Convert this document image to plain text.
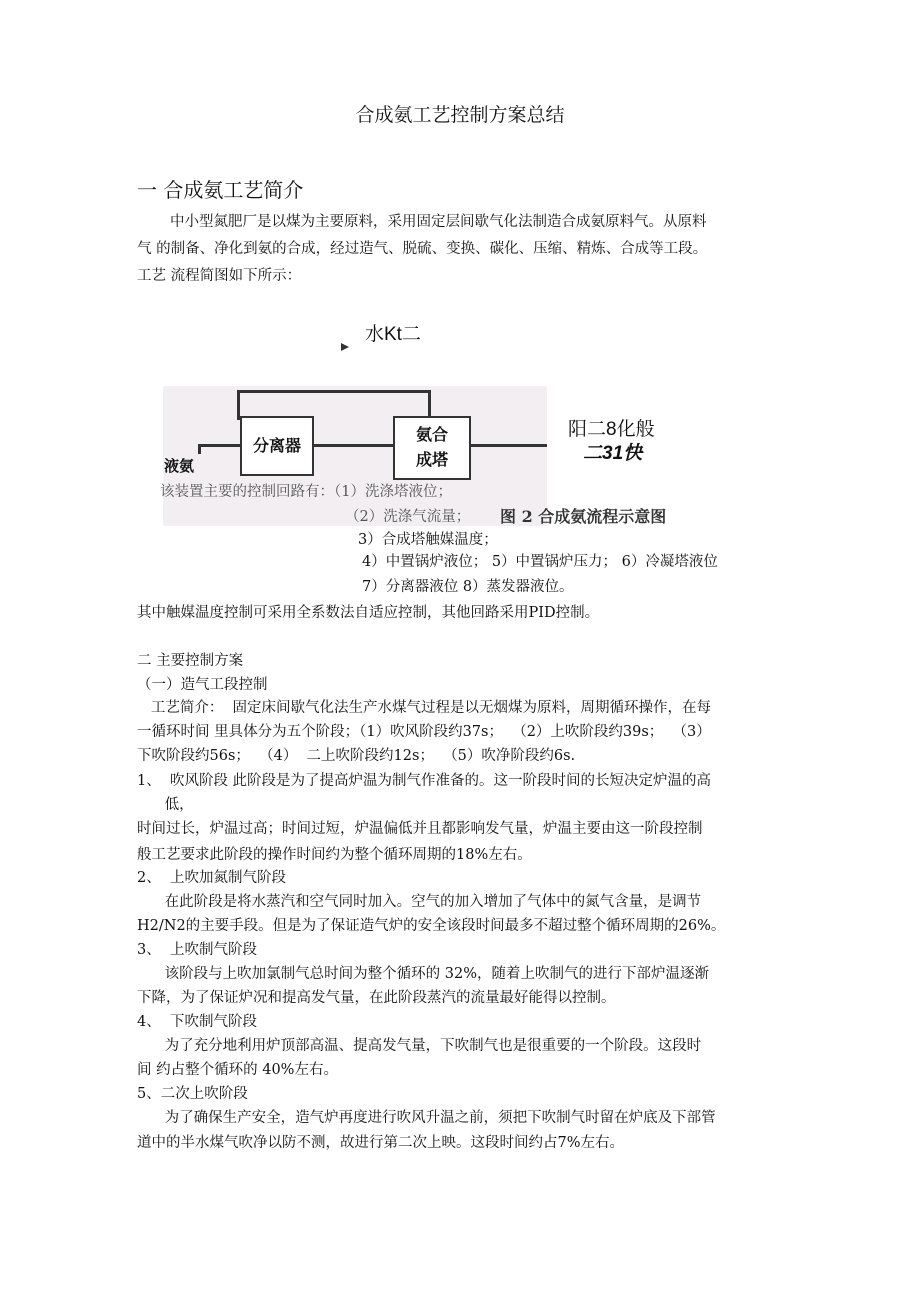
合成氨工艺控制方案总结
一 合成氨工艺简介
中小型氮肥厂是以煤为主要原料，采用固定层间歇气化法制造合成氨原料气。从原料
气 的制备、净化到氨的合成，经过造气、脱硫、变换、碳化、压缩、精炼、合成等工段。
工艺 流程简图如下所示：
水Kt二
分离器
氨合
成塔
液氨
阳二8化般
二31快
图 2 合成氨流程示意图
该装置主要的控制回路有：（1）洗涤塔液位；
（2）洗涤气流量；
3）合成塔触媒温度；
4）中置锅炉液位； 5）中置锅炉压力； 6）冷凝塔液位
7）分离器液位 8）蒸发器液位。
其中触媒温度控制可采用全系数法自适应控制，其他回路采用PID控制。
二 主要控制方案
（一）造气工段控制
工艺简介：  固定床间歇气化法生产水煤气过程是以无烟煤为原料，周期循环操作，在每
一循环时间 里具体分为五个阶段；（1）吹风阶段约37s；  （2）上吹阶段约39s；  （3）
下吹阶段约56s；  （4）  二上吹阶段约12s；  （5）吹净阶段约6s.
1、  吹风阶段 此阶段是为了提高炉温为制气作准备的。这一阶段时间的长短决定炉温的高
低，
时间过长，炉温过高；时间过短，炉温偏低并且都影响发气量，炉温主要由这一阶段控制
般工艺要求此阶段的操作时间约为整个循环周期的18%左右。
2、  上吹加氮制气阶段
在此阶段是将水蒸汽和空气同时加入。空气的加入增加了气体中的氮气含量，是调节
H2/N2的主要手段。但是为了保证造气炉的安全该段时间最多不超过整个循环周期的26%。
3、  上吹制气阶段
该阶段与上吹加氯制气总时间为整个循环的 32%，随着上吹制气的进行下部炉温逐渐
下降，为了保证炉况和提高发气量，在此阶段蒸汽的流量最好能得以控制。
4、  下吹制气阶段
为了充分地利用炉顶部高温、提高发气量，下吹制气也是很重要的一个阶段。这段时
间 约占整个循环的 40%左右。
5、二次上吹阶段
为了确保生产安全，造气炉再度进行吹风升温之前，须把下吹制气时留在炉底及下部管
道中的半水煤气吹净以防不测，故进行第二次上映。这段时间约占7%左右。
